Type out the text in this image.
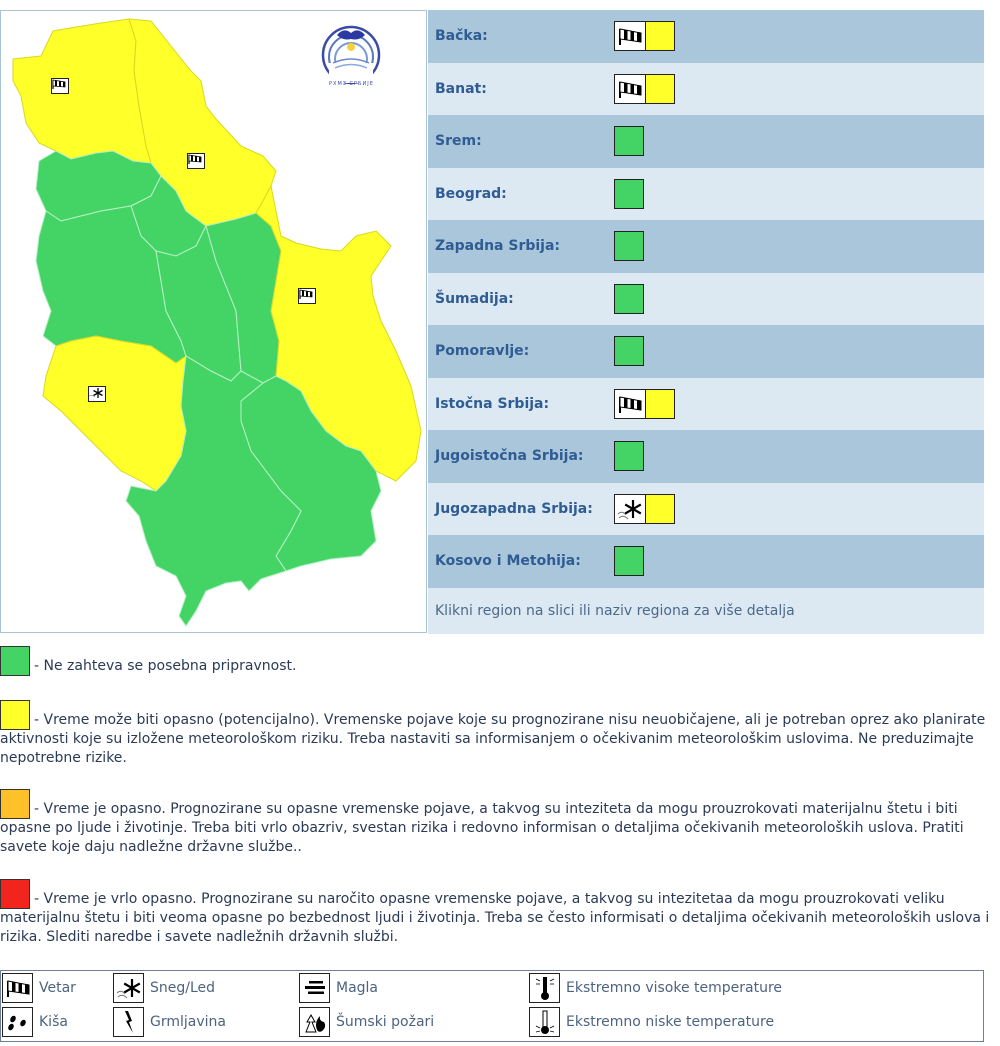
РХМЗ СРБИЈЕ
Bačka:
Banat:
Srem:
Beograd:
Zapadna Srbija:
Šumadija:
Pomoravlje:
Istočna Srbija:
Jugoistočna Srbija:
Jugozapadna Srbija:
Kosovo i Metohija:
Klikni region na slici ili naziv regiona za više detalja
- Ne zahteva se posebna pripravnost.
- Vreme može biti opasno (potencijalno). Vremenske pojave koje su prognozirane nisu neuobičajene, ali je potreban oprez ako planirate aktivnosti koje su izložene meteorološkom riziku. Treba nastaviti sa informisanjem o očekivanim meteorološkim uslovima. Ne preduzimajte nepotrebne rizike.
- Vreme je opasno. Prognozirane su opasne vremenske pojave, a takvog su inteziteta da mogu prouzrokovati materijalnu štetu i biti opasne po ljude i životinje. Treba biti vrlo obazriv, svestan rizika i redovno informisan o detaljima očekivanih meteoroloških uslova. Pratiti savete koje daju nadležne državne službe..
- Vreme je vrlo opasno. Prognozirane su naročito opasne vremenske pojave, a takvog su intezitetaa da mogu prouzrokovati veliku materijalnu štetu i biti veoma opasne po bezbednost ljudi i životinja. Treba se često informisati o detaljima očekivanih meteoroloških uslova i rizika. Slediti naredbe i savete nadležnih državnih službi.
Vetar
Kiša
Sneg/Led
Grmljavina
Magla
Šumski požari
Ekstremno visoke temperature
Ekstremno niske temperature
